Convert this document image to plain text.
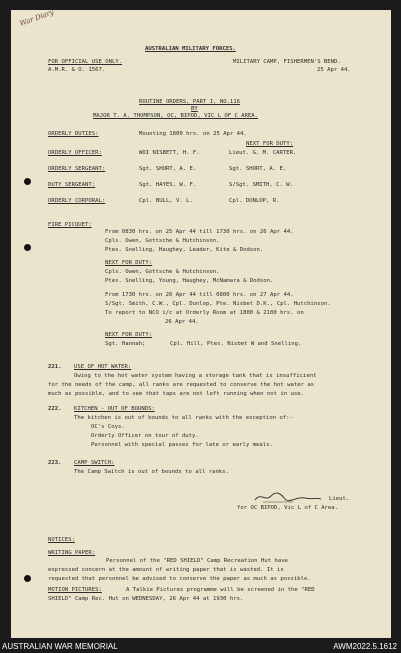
War Diary
AUSTRALIAN MILITARY FORCES.
FOR OFFICIAL USE ONLY.
A.M.R. & O. 1567.
MILITARY CAMP, FISHERMEN'S BEND.
25 Apr 44.
ROUTINE ORDERS, PART I, NO.116
BY
MAJOR T. A. THOMPSON, OC, BIPOD, VIC L OF C AREA.
ORDERLY DUTIES:	Mounting 1800 hrs. on 25 Apr 44.
NEXT FOR DUTY:
ORDERLY OFFICER:	WOI NISBETT, H. F.	Lieut. G. M. CARTER.
ORDERLY SERGEANT:	Sgt. SHORT, A. E.	Sgt. SHORT, A. E.
DUTY SERGEANT:	Sgt. HAYES, W. F.	S/Sgt. SMITH, C. W.
ORDERLY CORPORAL:	Cpl. BULL, V. L.	Cpl. DUNLOP, R.
FIRE PICQUET:
From 0830 hrs. on 25 Apr 44 till 1730 hrs. on 26 Apr 44.
Cpls. Owen, Gottsche & Hutchinson.
Ptes. Snelling, Haughey, Leader, Kite & Dodson.
NEXT FOR DUTY:
Cpls. Owen, Gottsche & Hutchinson.
Ptes. Snelling, Young, Haughey, McNamara & Dodson.
From 1730 hrs. on 26 Apr 44 till 0800 hrs. on 27 Apr 44.
S/Sgt. Smith, C.W., Cpl. Dunlop, Pte. Nisbet D.K., Cpl. Hutchinson.
To report to NCO i/c at Orderly Room at 1800 & 2100 hrs. on
26 Apr 44.
NEXT FOR DUTY:
Sgt. Hannah;	Cpl. Hill, Ptes. Nisbet W and Snelling.
221. USE OF HOT WATER:
Owing to the hot water system having a storage tank that is insufficient
for the needs of the camp, all ranks are requested to conserve the hot water as
much as possible, and to see that taps are not left running when not in use.
222. KITCHEN - OUT OF BOUNDS:
The kitchen is out of bounds to all ranks with the exception of:-
OC's Coys.
Orderly Officer on tour of duty.
Personnel with special passes for late or early meals.
223. CAMP SWITCH:
The Camp Switch is out of bounds to all ranks.
Lieut.
for OC BIPOD, Vic L of C Area.
NOTICES:
WRITING PAPER:
Personnel of the "RED SHIELD" Camp Recreation Hut have
expressed concern at the amount of writing paper that is wasted. It is
requested that personnel be advised to conserve the paper as much as possible.
MOTION PICTURES:	A Talkie Pictures programme will be screened in the "RED
SHIELD" Camp Rec. Hut on WEDNESDAY, 26 Apr 44 at 1930 hrs.
AUSTRALIAN WAR MEMORIAL	AWM2022.5.1612
